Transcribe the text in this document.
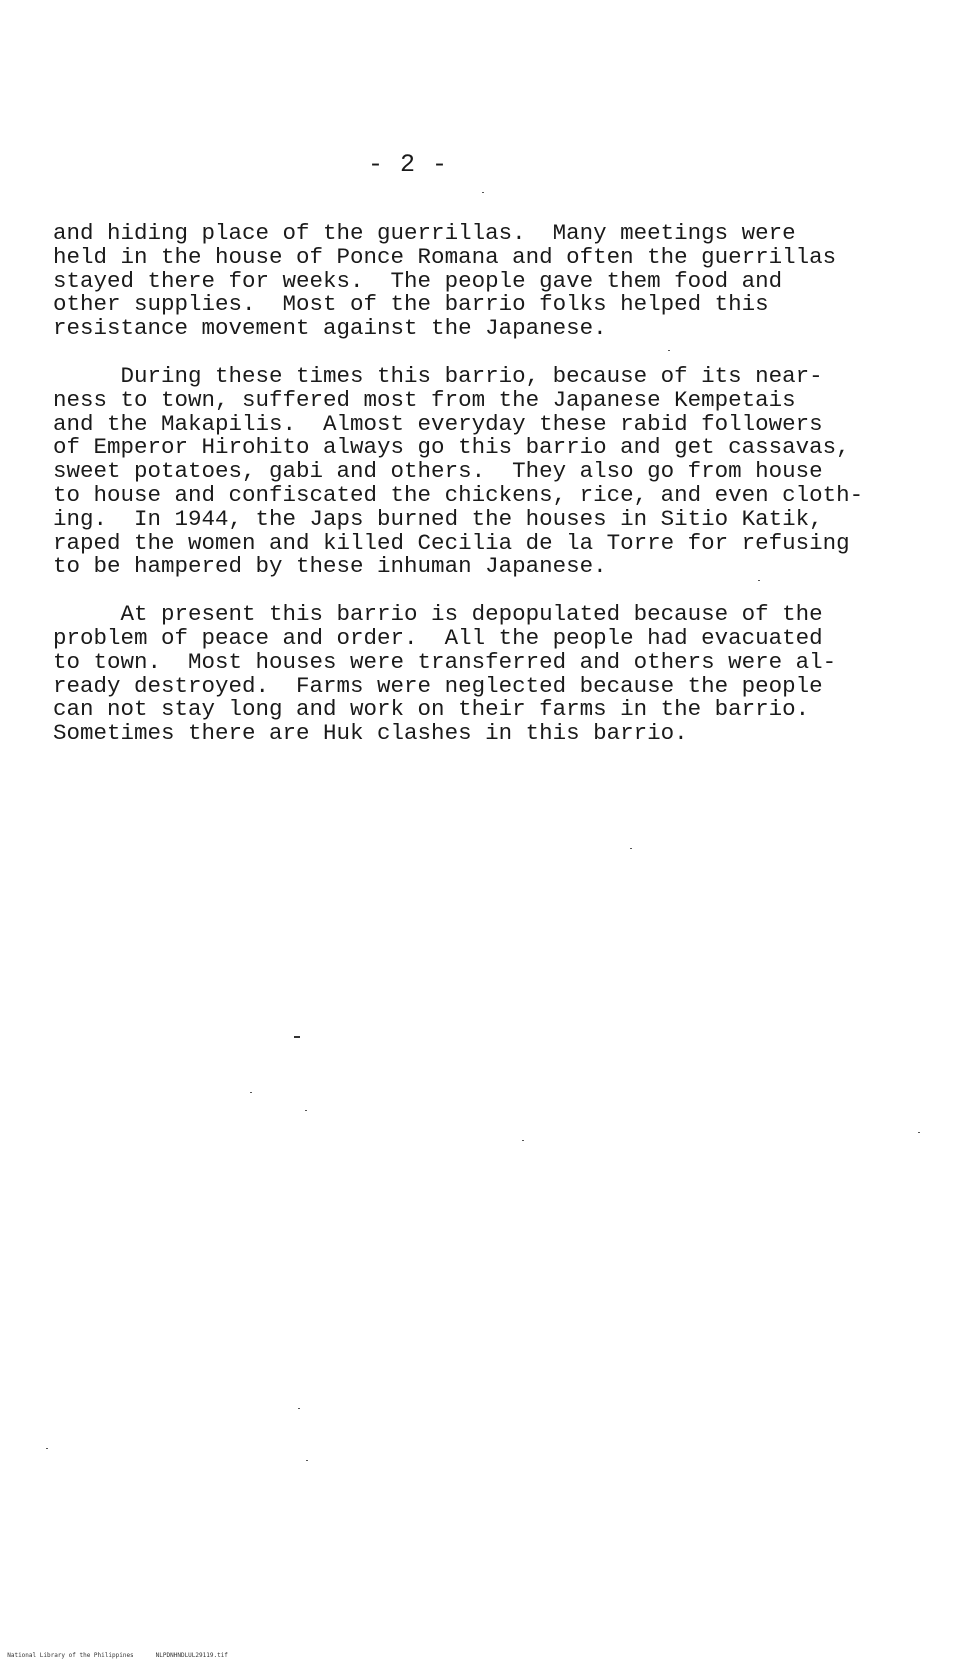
- 2 -
and hiding place of the guerrillas.  Many meetings were
held in the house of Ponce Romana and often the guerrillas
stayed there for weeks.  The people gave them food and
other supplies.  Most of the barrio folks helped this
resistance movement against the Japanese.
During these times this barrio, because of its near-
ness to town, suffered most from the Japanese Kempetais
and the Makapilis.  Almost everyday these rabid followers
of Emperor Hirohito always go this barrio and get cassavas,
sweet potatoes, gabi and others.  They also go from house
to house and confiscated the chickens, rice, and even cloth-
ing.  In 1944, the Japs burned the houses in Sitio Katik,
raped the women and killed Cecilia de la Torre for refusing
to be hampered by these inhuman Japanese.
At present this barrio is depopulated because of the
problem of peace and order.  All the people had evacuated
to town.  Most houses were transferred and others were al-
ready destroyed.  Farms were neglected because the people
can not stay long and work on their farms in the barrio.
Sometimes there are Huk clashes in this barrio.

National Library of the Philippines	NLPDNHNDLUL29119.tif
